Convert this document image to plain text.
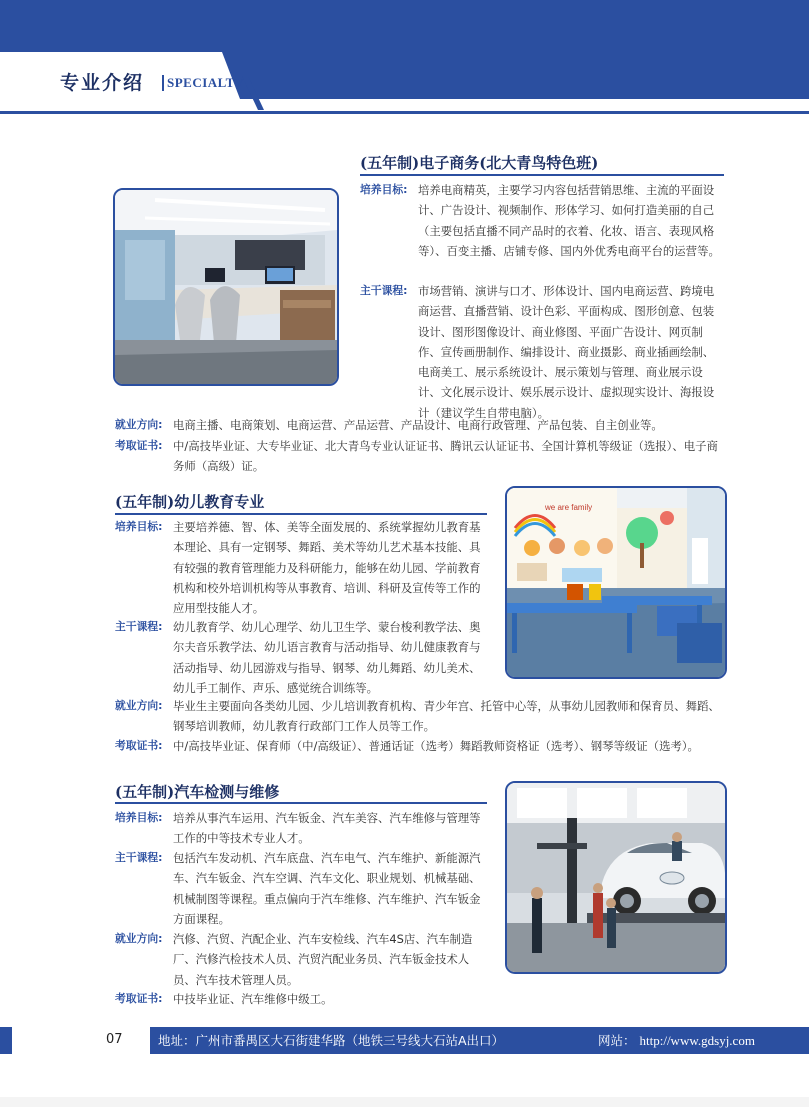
专业介绍	SPECIALTY
(五年制)电子商务(北大青鸟特色班)
培养目标: 培养电商精英，主要学习内容包括营销思维、主流的平面设计、广告设计、视频制作、形体学习、如何打造美丽的自己（主要包括直播不同产品时的衣着、化妆、语言、表现风格等）、百变主播、店铺专修、国内外优秀电商平台的运营等。
主干课程: 市场营销、演讲与口才、形体设计、国内电商运营、跨境电商运营、直播营销、设计色彩、平面构成、图形创意、包装设计、图形图像设计、商业修图、平面广告设计、网页制作、宣传画册制作、编排设计、商业摄影、商业插画绘制、电商美工、展示系统设计、展示策划与管理、商业展示设计、文化展示设计、娱乐展示设计、虚拟现实设计、海报设计（建议学生自带电脑）。
就业方向: 电商主播、电商策划、电商运营、产品运营、产品设计、电商行政管理、产品包装、自主创业等。
考取证书: 中/高技毕业证、大专毕业证、北大青鸟专业认证证书、腾讯云认证证书、全国计算机等级证（选报）、电子商务师（高级）证。
(五年制)幼儿教育专业	we are family
培养目标: 主要培养德、智、体、美等全面发展的、系统掌握幼儿教育基本理论、具有一定钢琴、舞蹈、美术等幼儿艺术基本技能、具有较强的教育管理能力及科研能力，能够在幼儿园、学前教育机构和校外培训机构等从事教育、培训、科研及宣传等工作的应用型技能人才。
主干课程: 幼儿教育学、幼儿心理学、幼儿卫生学、蒙台梭利教学法、奥尔夫音乐教学法、幼儿语言教育与活动指导、幼儿健康教育与活动指导、幼儿园游戏与指导、钢琴、幼儿舞蹈、幼儿美术、幼儿手工制作、声乐、感觉统合训练等。
就业方向: 毕业生主要面向各类幼儿园、少儿培训教育机构、青少年宫、托管中心等，从事幼儿园教师和保育员、舞蹈、钢琴培训教师，幼儿教育行政部门工作人员等工作。
考取证书: 中/高技毕业证、保育师（中/高级证）、普通话证（选考）舞蹈教师资格证（选考）、钢琴等级证（选考）。
(五年制)汽车检测与维修
培养目标: 培养从事汽车运用、汽车钣金、汽车美容、汽车维修与管理等工作的中等技术专业人才。
主干课程: 包括汽车发动机、汽车底盘、汽车电气、汽车维护、新能源汽车、汽车钣金、汽车空调、汽车文化、职业规划、机械基础、机械制图等课程。重点偏向于汽车维修、汽车维护、汽车钣金方面课程。
就业方向: 汽修、汽贸、汽配企业、汽车安检线、汽车4S店、汽车制造厂、汽修汽检技术人员、汽贸汽配业务员、汽车钣金技术人员、汽车技术管理人员。
考取证书: 中技毕业证、汽车维修中级工。
07	地址：广州市番禺区大石街建华路（地铁三号线大石站A出口）	网站： http://www.gdsyj.com
